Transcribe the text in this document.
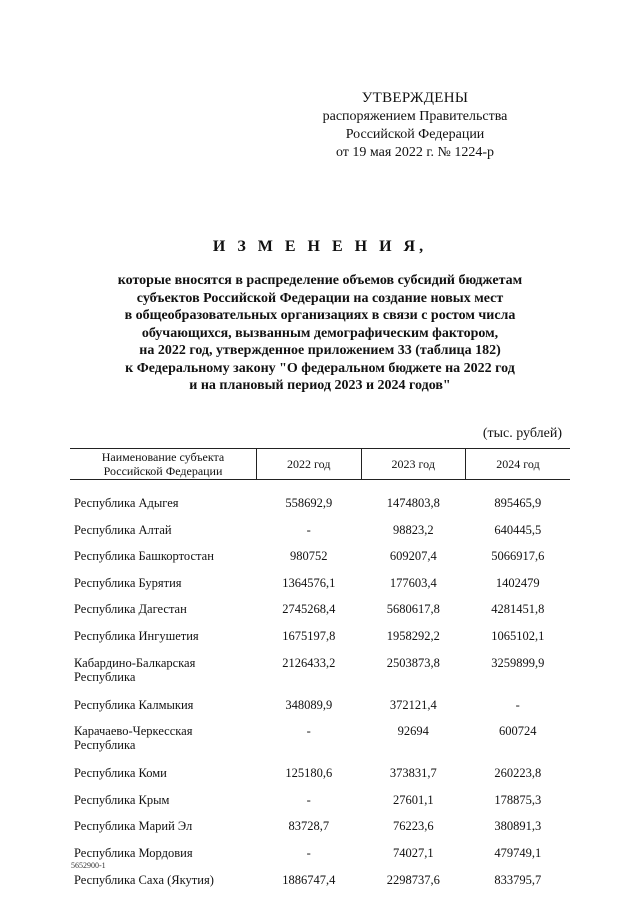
УТВЕРЖДЕНЫ
распоряжением Правительства
Российской Федерации
от 19 мая 2022 г. № 1224-р
И З М Е Н Е Н И Я,
которые вносятся в распределение объемов субсидий бюджетам
субъектов Российской Федерации на создание новых мест
в общеобразовательных организациях в связи с ростом числа
обучающихся, вызванным демографическим фактором,
на 2022 год, утвержденное приложением 33 (таблица 182)
к Федеральному закону "О федеральном бюджете на 2022 год
и на плановый период 2023 и 2024 годов"
(тыс. рублей)
Наименование субъекта Российской Федерации	2022 год	2023 год	2024 год

Республика Адыгея	558692,9	1474803,8	895465,9
Республика Алтай	-	98823,2	640445,5
Республика Башкортостан	980752	609207,4	5066917,6
Республика Бурятия	1364576,1	177603,4	1402479
Республика Дагестан	2745268,4	5680617,8	4281451,8
Республика Ингушетия	1675197,8	1958292,2	1065102,1
Кабардино-Балкарская Республика	2126433,2	2503873,8	3259899,9
Республика Калмыкия	348089,9	372121,4	-
Карачаево-Черкесская Республика	-	92694	600724
Республика Коми	125180,6	373831,7	260223,8
Республика Крым	-	27601,1	178875,3
Республика Марий Эл	83728,7	76223,6	380891,3
Республика Мордовия	-	74027,1	479749,1
Республика Саха (Якутия)	1886747,4	2298737,6	833795,7
5652900-1
